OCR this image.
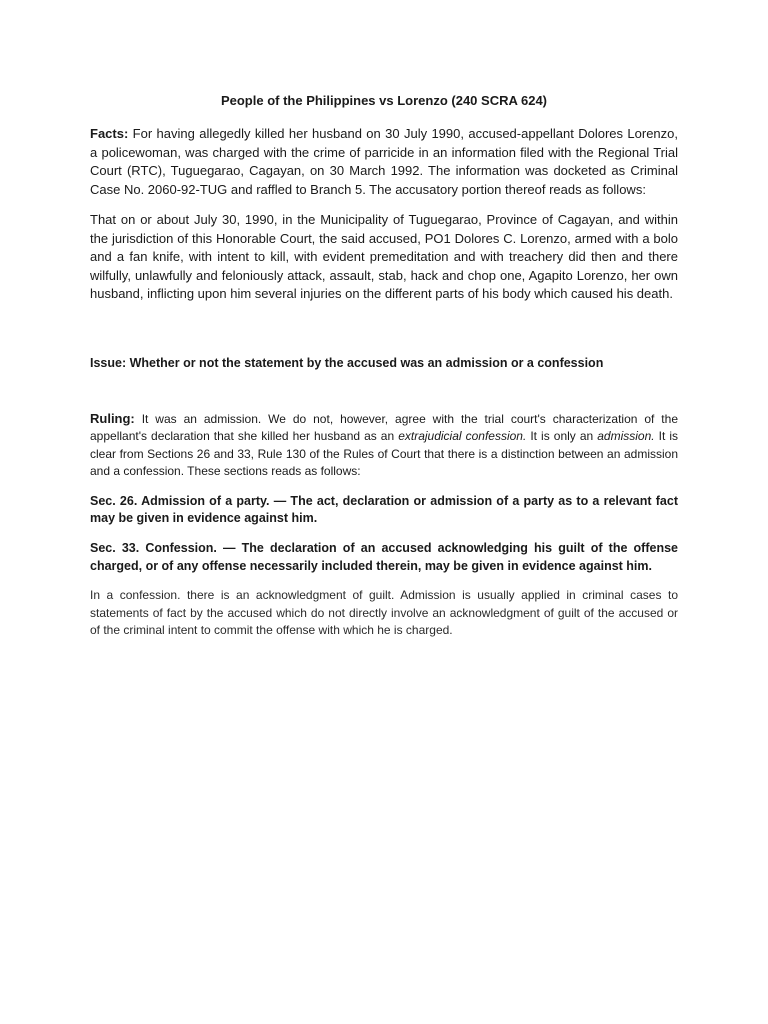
People of the Philippines vs Lorenzo (240 SCRA 624)

Facts: For having allegedly killed her husband on 30 July 1990, accused-appellant Dolores Lorenzo, a policewoman, was charged with the crime of parricide in an information filed with the Regional Trial Court (RTC), Tuguegarao, Cagayan, on 30 March 1992. The information was docketed as Criminal Case No. 2060-92-TUG and raffled to Branch 5. The accusatory portion thereof reads as follows:

That on or about July 30, 1990, in the Municipality of Tuguegarao, Province of Cagayan, and within the jurisdiction of this Honorable Court, the said accused, PO1 Dolores C. Lorenzo, armed with a bolo and a fan knife, with intent to kill, with evident premeditation and with treachery did then and there wilfully, unlawfully and feloniously attack, assault, stab, hack and chop one, Agapito Lorenzo, her own husband, inflicting upon him several injuries on the different parts of his body which caused his death.

Issue: Whether or not the statement by the accused was an admission or a confession

Ruling: It was an admission. We do not, however, agree with the trial court's characterization of the appellant's declaration that she killed her husband as an extrajudicial confession. It is only an admission. It is clear from Sections 26 and 33, Rule 130 of the Rules of Court that there is a distinction between an admission and a confession. These sections reads as follows:

Sec. 26. Admission of a party. — The act, declaration or admission of a party as to a relevant fact may be given in evidence against him.

Sec. 33. Confession. — The declaration of an accused acknowledging his guilt of the offense charged, or of any offense necessarily included therein, may be given in evidence against him.

In a confession. there is an acknowledgment of guilt. Admission is usually applied in criminal cases to statements of fact by the accused which do not directly involve an acknowledgment of guilt of the accused or of the criminal intent to commit the offense with which he is charged.
